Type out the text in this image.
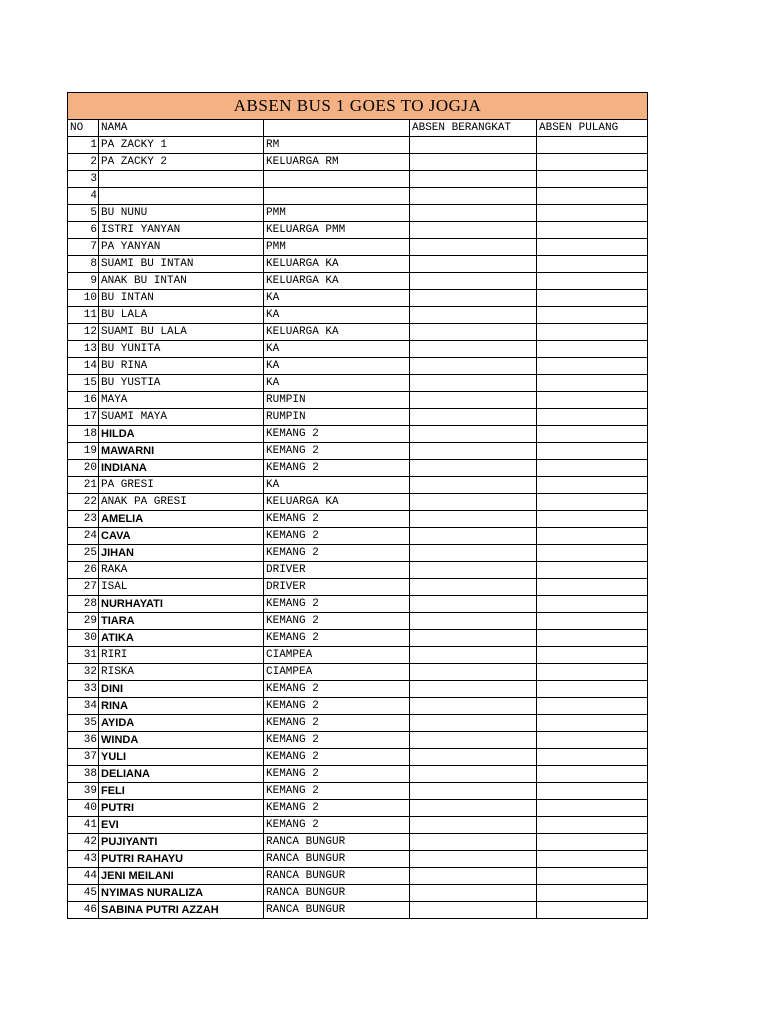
ABSEN BUS 1 GOES TO JOGJA				
NO	NAMA		ABSEN BERANGKAT	ABSEN PULANG
1	PA ZACKY 1	RM		
2	PA ZACKY 2	KELUARGA RM		
3				
4				
5	BU NUNU	PMM		
6	ISTRI YANYAN	KELUARGA PMM		
7	PA YANYAN	PMM		
8	SUAMI BU INTAN	KELUARGA KA		
9	ANAK BU INTAN	KELUARGA KA		
10	BU INTAN	KA		
11	BU LALA	KA		
12	SUAMI BU LALA	KELUARGA KA		
13	BU YUNITA	KA		
14	BU RINA	KA		
15	BU YUSTIA	KA		
16	MAYA	RUMPIN		
17	SUAMI MAYA	RUMPIN		
18	HILDA	KEMANG 2		
19	MAWARNI	KEMANG 2		
20	INDIANA	KEMANG 2		
21	PA GRESI	KA		
22	ANAK PA GRESI	KELUARGA KA		
23	AMELIA	KEMANG 2		
24	CAVA	KEMANG 2		
25	JIHAN	KEMANG 2		
26	RAKA	DRIVER		
27	ISAL	DRIVER		
28	NURHAYATI	KEMANG 2		
29	TIARA	KEMANG 2		
30	ATIKA	KEMANG 2		
31	RIRI	CIAMPEA		
32	RISKA	CIAMPEA		
33	DINI	KEMANG 2		
34	RINA	KEMANG 2		
35	AYIDA	KEMANG 2		
36	WINDA	KEMANG 2		
37	YULI	KEMANG 2		
38	DELIANA	KEMANG 2		
39	FELI	KEMANG 2		
40	PUTRI	KEMANG 2		
41	EVI	KEMANG 2		
42	PUJIYANTI	RANCA BUNGUR		
43	PUTRI RAHAYU	RANCA BUNGUR		
44	JENI MEILANI	RANCA BUNGUR		
45	NYIMAS NURALIZA	RANCA BUNGUR		
46	SABINA PUTRI AZZAH	RANCA BUNGUR		
